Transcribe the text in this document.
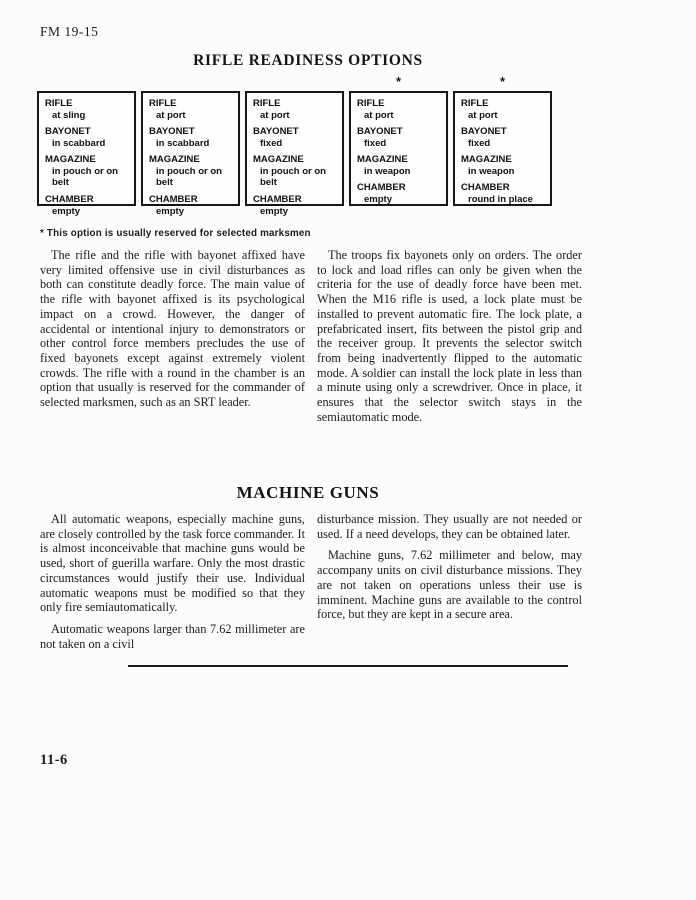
FM 19-15
RIFLE READINESS OPTIONS
*	*
RIFLE
at sling
BAYONET
in scabbard
MAGAZINE
in pouch or on belt
CHAMBER
empty
RIFLE
at port
BAYONET
in scabbard
MAGAZINE
in pouch or on belt
CHAMBER
empty
RIFLE
at port
BAYONET
fixed
MAGAZINE
in pouch or on belt
CHAMBER
empty
RIFLE
at port
BAYONET
fixed
MAGAZINE
in weapon
CHAMBER
empty
RIFLE
at port
BAYONET
fixed
MAGAZINE
in weapon
CHAMBER
round in place
* This option is usually reserved for selected marksmen

The rifle and the rifle with bayonet affixed have very limited offensive use in civil disturbances as both can constitute deadly force. The main value of the rifle with bayonet affixed is its psychological impact on a crowd. However, the danger of accidental or intentional injury to demonstrators or other control force members precludes the use of fixed bayonets except against extremely violent crowds. The rifle with a round in the chamber is an option that usually is reserved for the commander of selected marksmen, such as an SRT leader.

The troops fix bayonets only on orders. The order to lock and load rifles can only be given when the criteria for the use of deadly force have been met. When the M16 rifle is used, a lock plate must be installed to prevent automatic fire. The lock plate, a prefabricated insert, fits between the pistol grip and the receiver group. It prevents the selector switch from being inadvertently flipped to the automatic mode. A soldier can install the lock plate in less than a minute using only a screwdriver. Once in place, it ensures that the selector switch stays in the semiautomatic mode.

MACHINE GUNS

All automatic weapons, especially machine guns, are closely controlled by the task force commander. It is almost inconceivable that machine guns would be used, short of guerilla warfare. Only the most drastic circumstances would justify their use. Individual automatic weapons must be modified so that they only fire semiautomatically.

Automatic weapons larger than 7.62 millimeter are not taken on a civil

disturbance mission. They usually are not needed or used. If a need develops, they can be obtained later.

Machine guns, 7.62 millimeter and below, may accompany units on civil disturbance missions. They are not taken on operations unless their use is imminent. Machine guns are available to the control force, but they are kept in a secure area.

11-6
